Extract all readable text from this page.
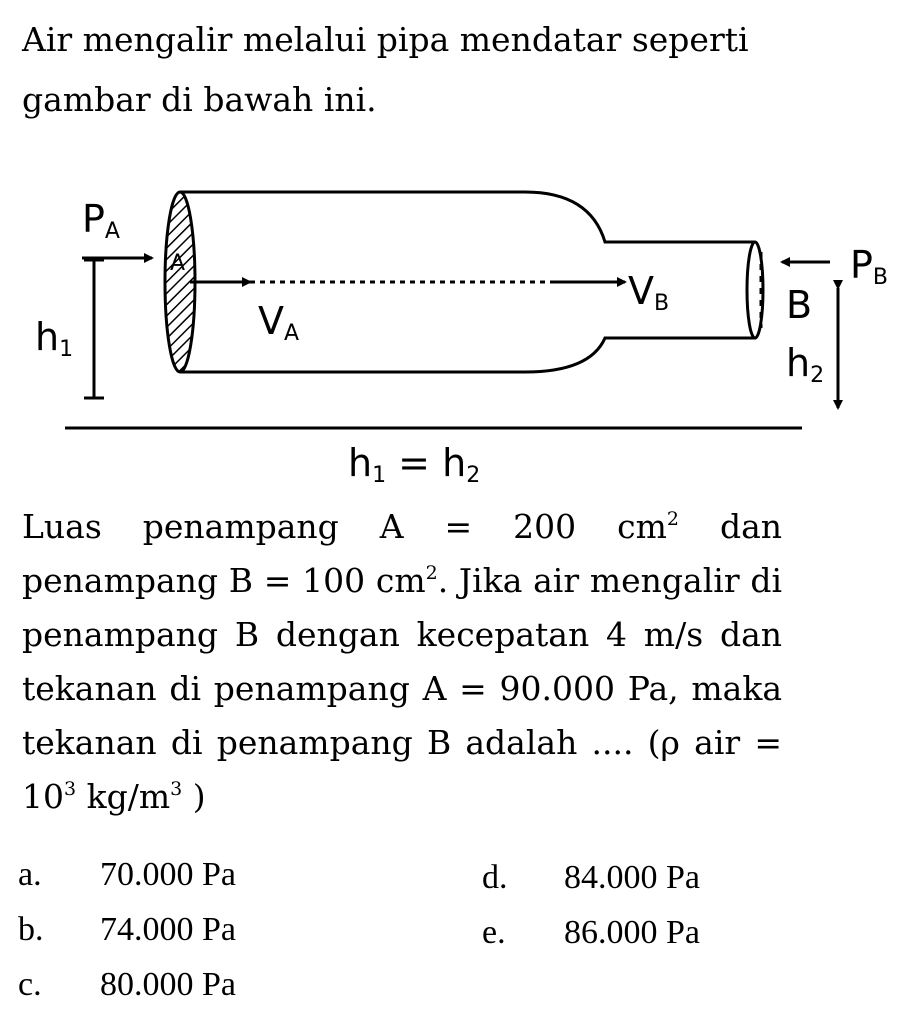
Air mengalir melalui pipa mendatar seperti gambar di bawah ini.
PA
A
VA
VB
PB
B
h1	h2
h1 = h2
Luas penampang A = 200 $cm^2$ dan penampang B = 100 $cm^2$. Jika air mengalir di penampang B dengan kecepatan 4 m/s dan tekanan di penampang A = 90.000 Pa, maka tekanan di penampang B adalah .... (ρ air = $10^3$ $kg/m^3$ )
a. 70.000 Pa
b. 74.000 Pa
c. 80.000 Pa
d. 84.000 Pa
e. 86.000 Pa
